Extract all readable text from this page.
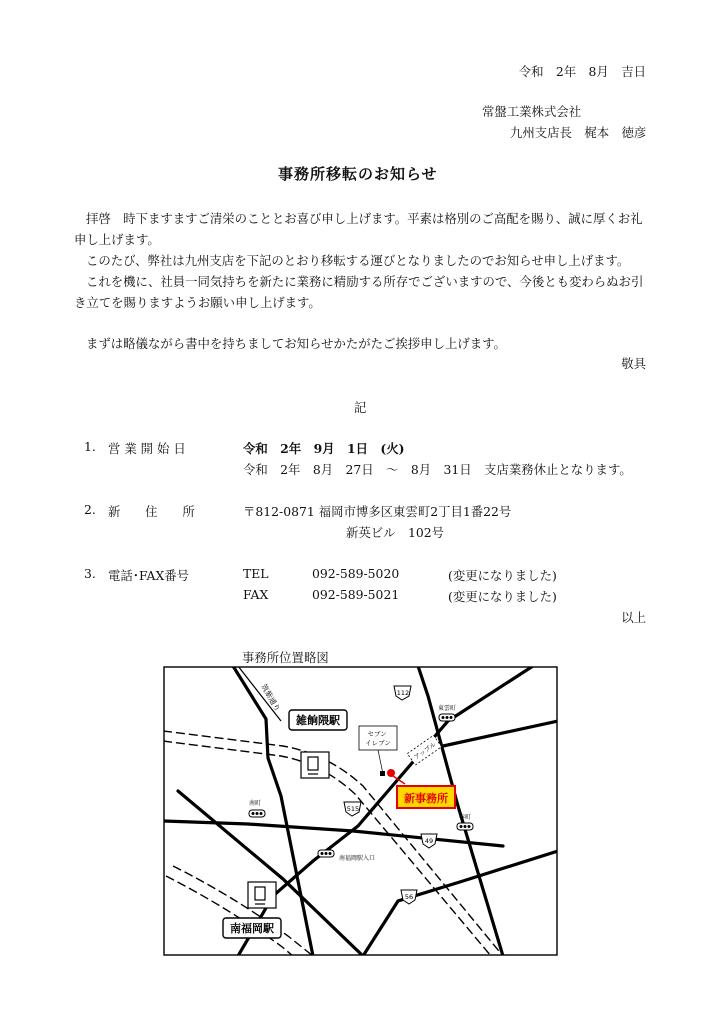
令和　2年　8月　吉日
常盤工業株式会社
九州支店長　梶本　徳彦
事務所移転のお知らせ
拝啓　時下ますますご清栄のこととお喜び申し上げます。平素は格別のご高配を賜り、誠に厚くお礼申し上げます。
このたび、弊社は九州支店を下記のとおり移転する運びとなりましたのでお知らせ申し上げます。
これを機に、社員一同気持ちを新たに業務に精励する所存でございますので、今後とも変わらぬお引き立てを賜りますようお願い申し上げます。
まずは略儀ながら書中を持ちましてお知らせかたがたご挨拶申し上げます。
敬具
記
1. 営 業 開 始 日	令和　2年　9月　1日　(火)
令和　2年　8月　27日　～　8月　31日　支店業務休止となります。
2. 新　　住　　所	〒812-0871 福岡市博多区東雲町2丁目1番22号
新英ビル　102号
3. 電話･FAX番号	TEL	092-589-5020	(変更になりました)
FAX	092-589-5021	(変更になりました)
以上
事務所位置略図
雑餉隈駅
南福岡駅
セブン イレブン	アップル
新事務所
112
515
49
56
東雲町
南町
春町
南福岡駅入口
筑紫通り
